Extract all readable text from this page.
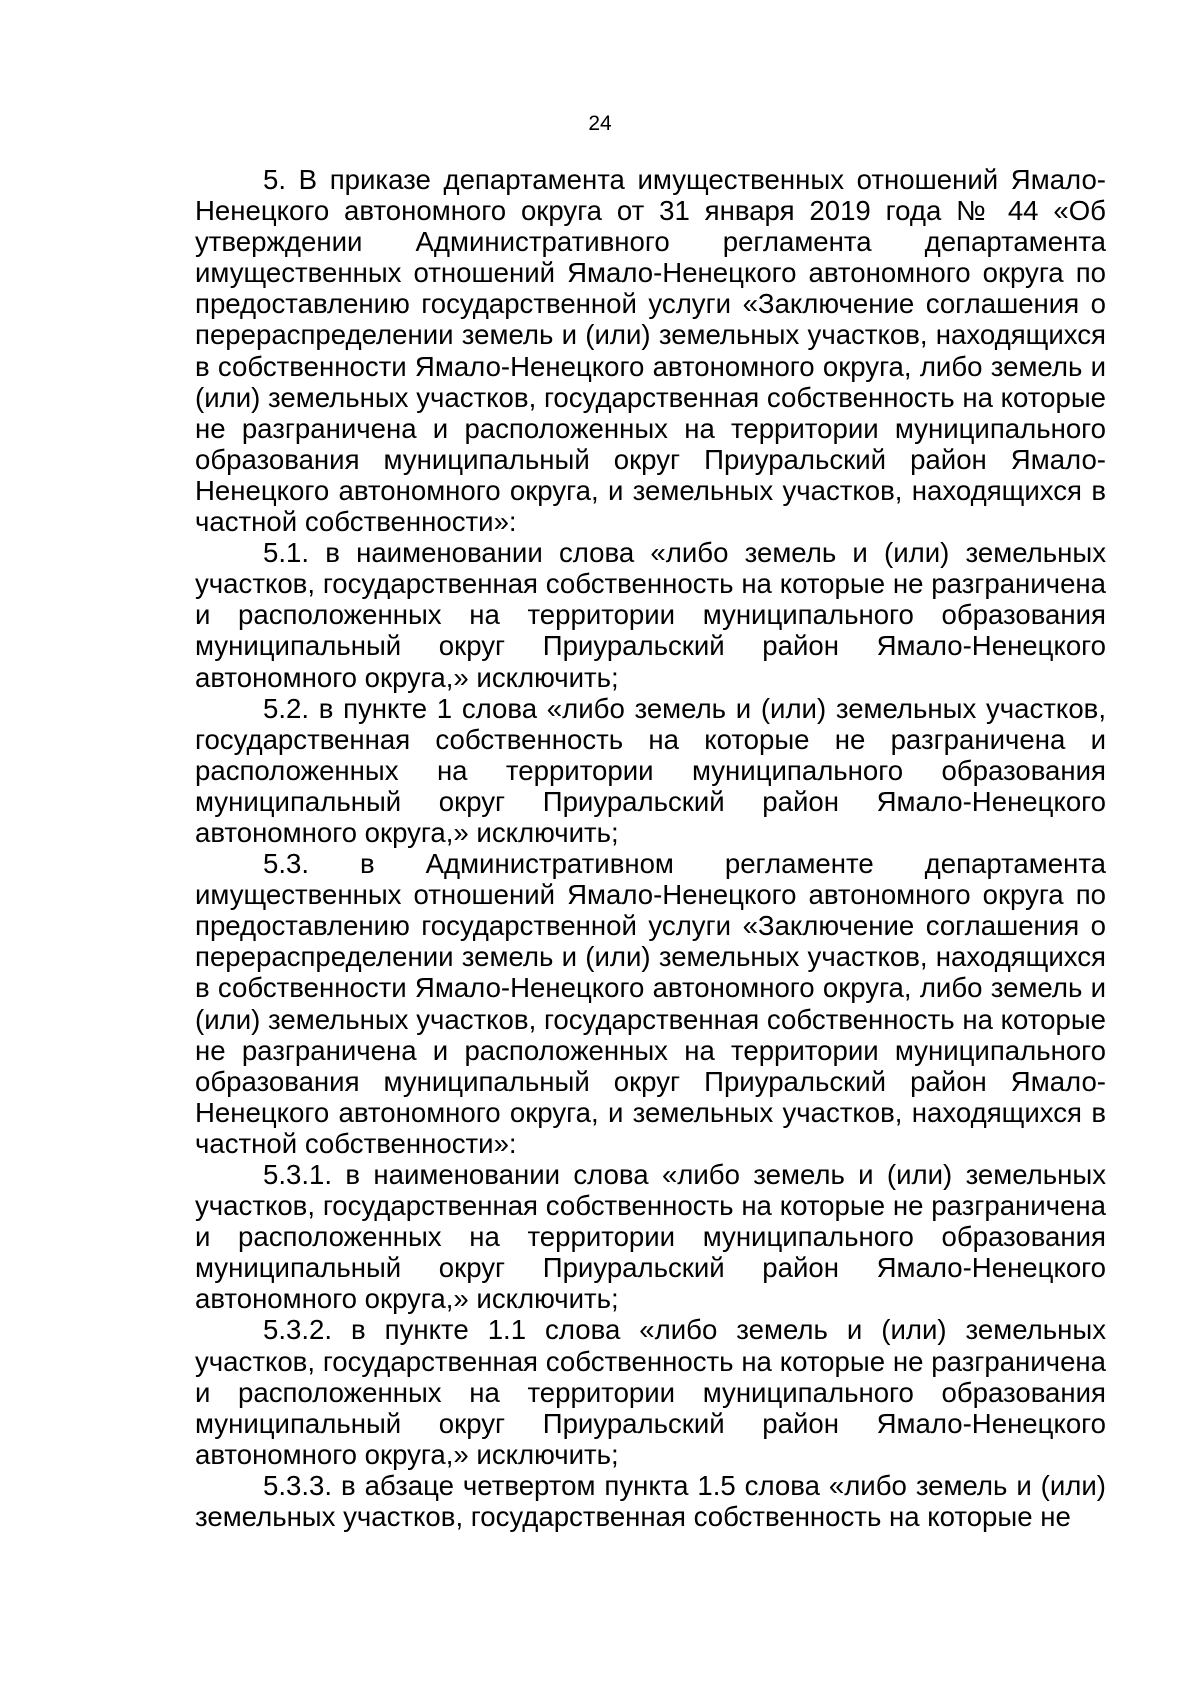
24

5. В приказе департамента имущественных отношений Ямало-Ненецкого автономного округа от 31 января 2019 года № 44 «Об утверждении Административного регламента департамента имущественных отношений Ямало-Ненецкого автономного округа по предоставлению государственной услуги «Заключение соглашения о перераспределении земель и (или) земельных участков, находящихся в собственности Ямало-Ненецкого автономного округа, либо земель и (или) земельных участков, государственная собственность на которые не разграничена и расположенных на территории муниципального образования муниципальный округ Приуральский район Ямало-Ненецкого автономного округа, и земельных участков, находящихся в частной собственности»:

5.1. в наименовании слова «либо земель и (или) земельных участков, государственная собственность на которые не разграничена и расположенных на территории муниципального образования муниципальный округ Приуральский район Ямало-Ненецкого автономного округа,» исключить;

5.2. в пункте 1 слова «либо земель и (или) земельных участков, государственная собственность на которые не разграничена и расположенных на территории муниципального образования муниципальный округ Приуральский район Ямало-Ненецкого автономного округа,» исключить;

5.3. в Административном регламенте департамента имущественных отношений Ямало-Ненецкого автономного округа по предоставлению государственной услуги «Заключение соглашения о перераспределении земель и (или) земельных участков, находящихся в собственности Ямало-Ненецкого автономного округа, либо земель и (или) земельных участков, государственная собственность на которые не разграничена и расположенных на территории муниципального образования муниципальный округ Приуральский район Ямало-Ненецкого автономного округа, и земельных участков, находящихся в частной собственности»:

5.3.1. в наименовании слова «либо земель и (или) земельных участков, государственная собственность на которые не разграничена и расположенных на территории муниципального образования муниципальный округ Приуральский район Ямало-Ненецкого автономного округа,» исключить;

5.3.2. в пункте 1.1 слова «либо земель и (или) земельных участков, государственная собственность на которые не разграничена и расположенных на территории муниципального образования муниципальный округ Приуральский район Ямало-Ненецкого автономного округа,» исключить;

5.3.3. в абзаце четвертом пункта 1.5 слова «либо земель и (или) земельных участков, государственная собственность на которые не
